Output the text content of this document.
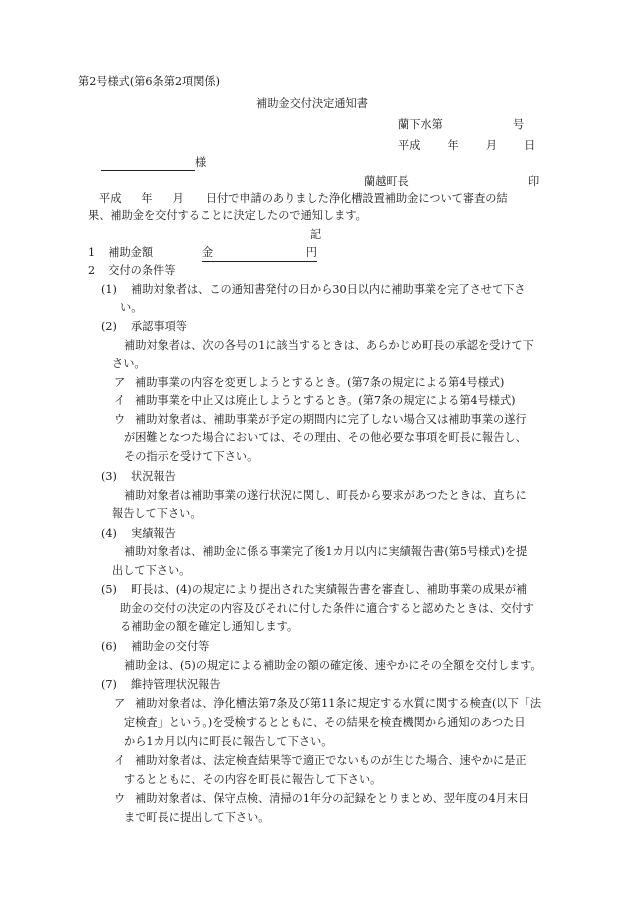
第2号様式(第6条第2項関係)
補助金交付決定通知書
蘭下水第	号
平成 年 月 日
様
蘭越町長	印
平成 年 月 日付で申請のありました浄化槽設置補助金について審査の結
果、補助金を交付することに決定したので通知します。
記
1 補助金額	金	円
2 交付の条件等
(1) 補助対象者は、この通知書発付の日から30日以内に補助事業を完了させて下さ
い。
(2) 承認事項等
補助対象者は、次の各号の1に該当するときは、あらかじめ町長の承認を受けて下
さい。
ア 補助事業の内容を変更しようとするとき。(第7条の規定による第4号様式)
イ 補助事業を中止又は廃止しようとするとき。(第7条の規定による第4号様式)
ウ 補助対象者は、補助事業が予定の期間内に完了しない場合又は補助事業の遂行
が困難となつた場合においては、その理由、その他必要な事項を町長に報告し、
その指示を受けて下さい。
(3) 状況報告
補助対象者は補助事業の遂行状況に関し、町長から要求があつたときは、直ちに
報告して下さい。
(4) 実績報告
補助対象者は、補助金に係る事業完了後1カ月以内に実績報告書(第5号様式)を提
出して下さい。
(5) 町長は、(4)の規定により提出された実績報告書を審査し、補助事業の成果が補
助金の交付の決定の内容及びそれに付した条件に適合すると認めたときは、交付す
る補助金の額を確定し通知します。
(6) 補助金の交付等
補助金は、(5)の規定による補助金の額の確定後、速やかにその全額を交付します。
(7) 維持管理状況報告
ア 補助対象者は、浄化槽法第7条及び第11条に規定する水質に関する検査(以下「法
定検査」という。)を受検するとともに、その結果を検査機関から通知のあつた日
から1カ月以内に町長に報告して下さい。
イ 補助対象者は、法定検査結果等で適正でないものが生じた場合、速やかに是正
するとともに、その内容を町長に報告して下さい。
ウ 補助対象者は、保守点検、清掃の1年分の記録をとりまとめ、翌年度の4月末日
まで町長に提出して下さい。
